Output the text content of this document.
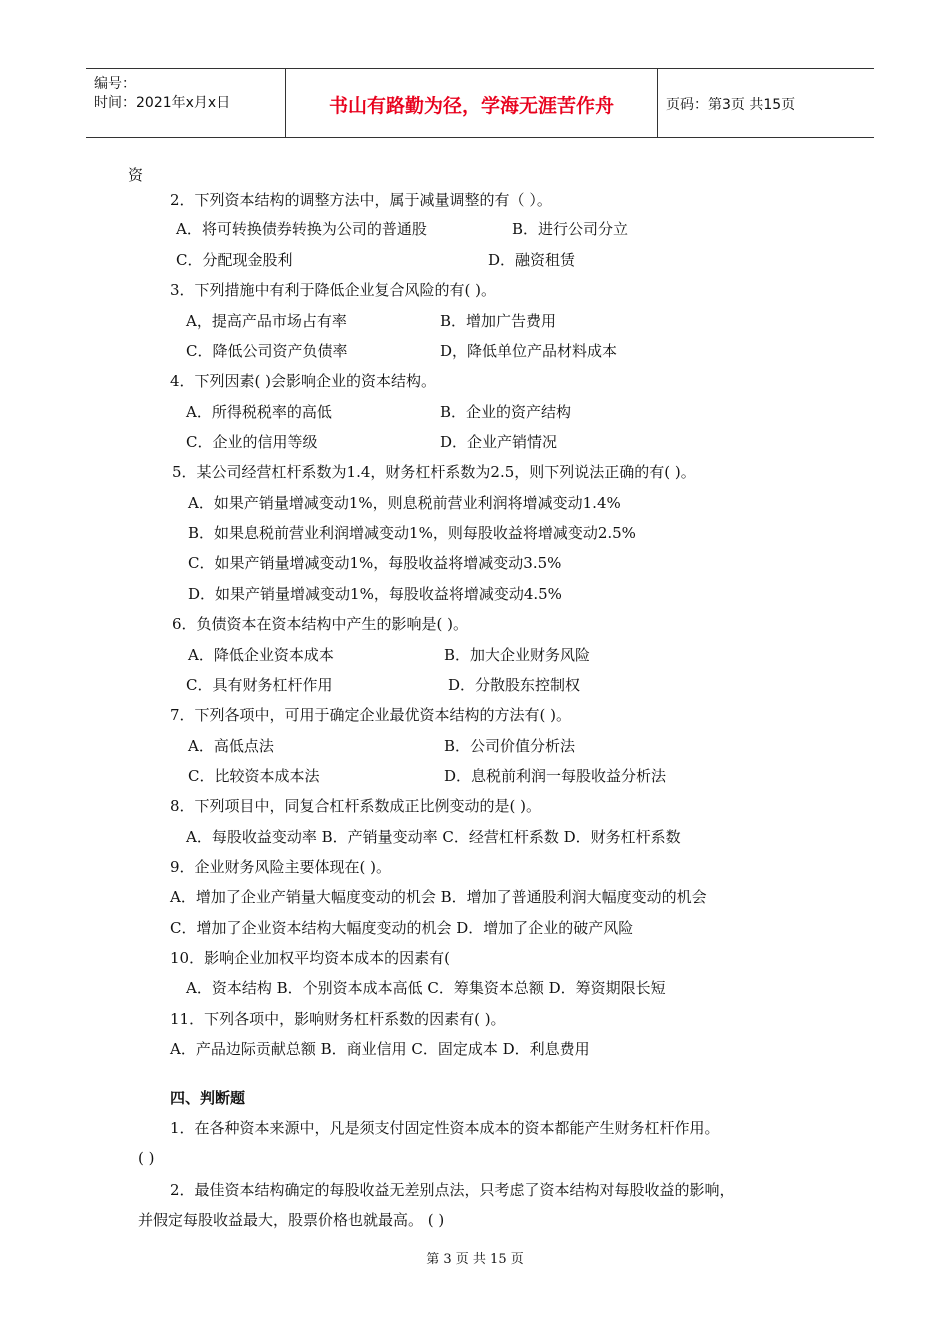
编号：
时间：2021年x月x日	书山有路勤为径，学海无涯苦作舟	页码：第3页 共15页
资
2．下列资本结构的调整方法中，属于减量调整的有（ ）。
A．将可转换债券转换为公司的普通股	B．进行公司分立
C．分配现金股利	D．融资租赁
3．下列措施中有利于降低企业复合风险的有( )。
A，提高产品市场占有率	B．增加广告费用
C．降低公司资产负债率	D，降低单位产品材料成本
4．下列因素( )会影响企业的资本结构。
A．所得税税率的高低	B．企业的资产结构
C．企业的信用等级	D．企业产销情况
5．某公司经营杠杆系数为1.4，财务杠杆系数为2.5，则下列说法正确的有( )。
A．如果产销量增减变动1%，则息税前营业利润将增减变动1.4%
B．如果息税前营业利润增减变动1%，则每股收益将增减变动2.5%
C．如果产销量增减变动1%，每股收益将增减变动3.5%
D．如果产销量增减变动1%，每股收益将增减变动4.5%
6．负债资本在资本结构中产生的影响是( )。
A．降低企业资本成本	B．加大企业财务风险
C．具有财务杠杆作用	D．分散股东控制权
7．下列各项中，可用于确定企业最优资本结构的方法有( )。
A．高低点法	B．公司价值分析法
C．比较资本成本法	D．息税前利润一每股收益分析法
8．下列项目中，同复合杠杆系数成正比例变动的是( )。
A．每股收益变动率 B．产销量变动率 C．经营杠杆系数 D．财务杠杆系数
9．企业财务风险主要体现在( )。
A．增加了企业产销量大幅度变动的机会 B．增加了普通股利润大幅度变动的机会
C．增加了企业资本结构大幅度变动的机会 D．增加了企业的破产风险
10．影响企业加权平均资本成本的因素有(
A．资本结构 B．个别资本成本高低 C．筹集资本总额 D．筹资期限长短
11．下列各项中，影响财务杠杆系数的因素有( )。
A．产品边际贡献总额 B．商业信用 C．固定成本 D．利息费用
四、判断题
1．在各种资本来源中，凡是须支付固定性资本成本的资本都能产生财务杠杆作用。
( )
2．最佳资本结构确定的每股收益无差别点法，只考虑了资本结构对每股收益的影响，
并假定每股收益最大，股票价格也就最高。 ( )
第 3 页 共 15 页
